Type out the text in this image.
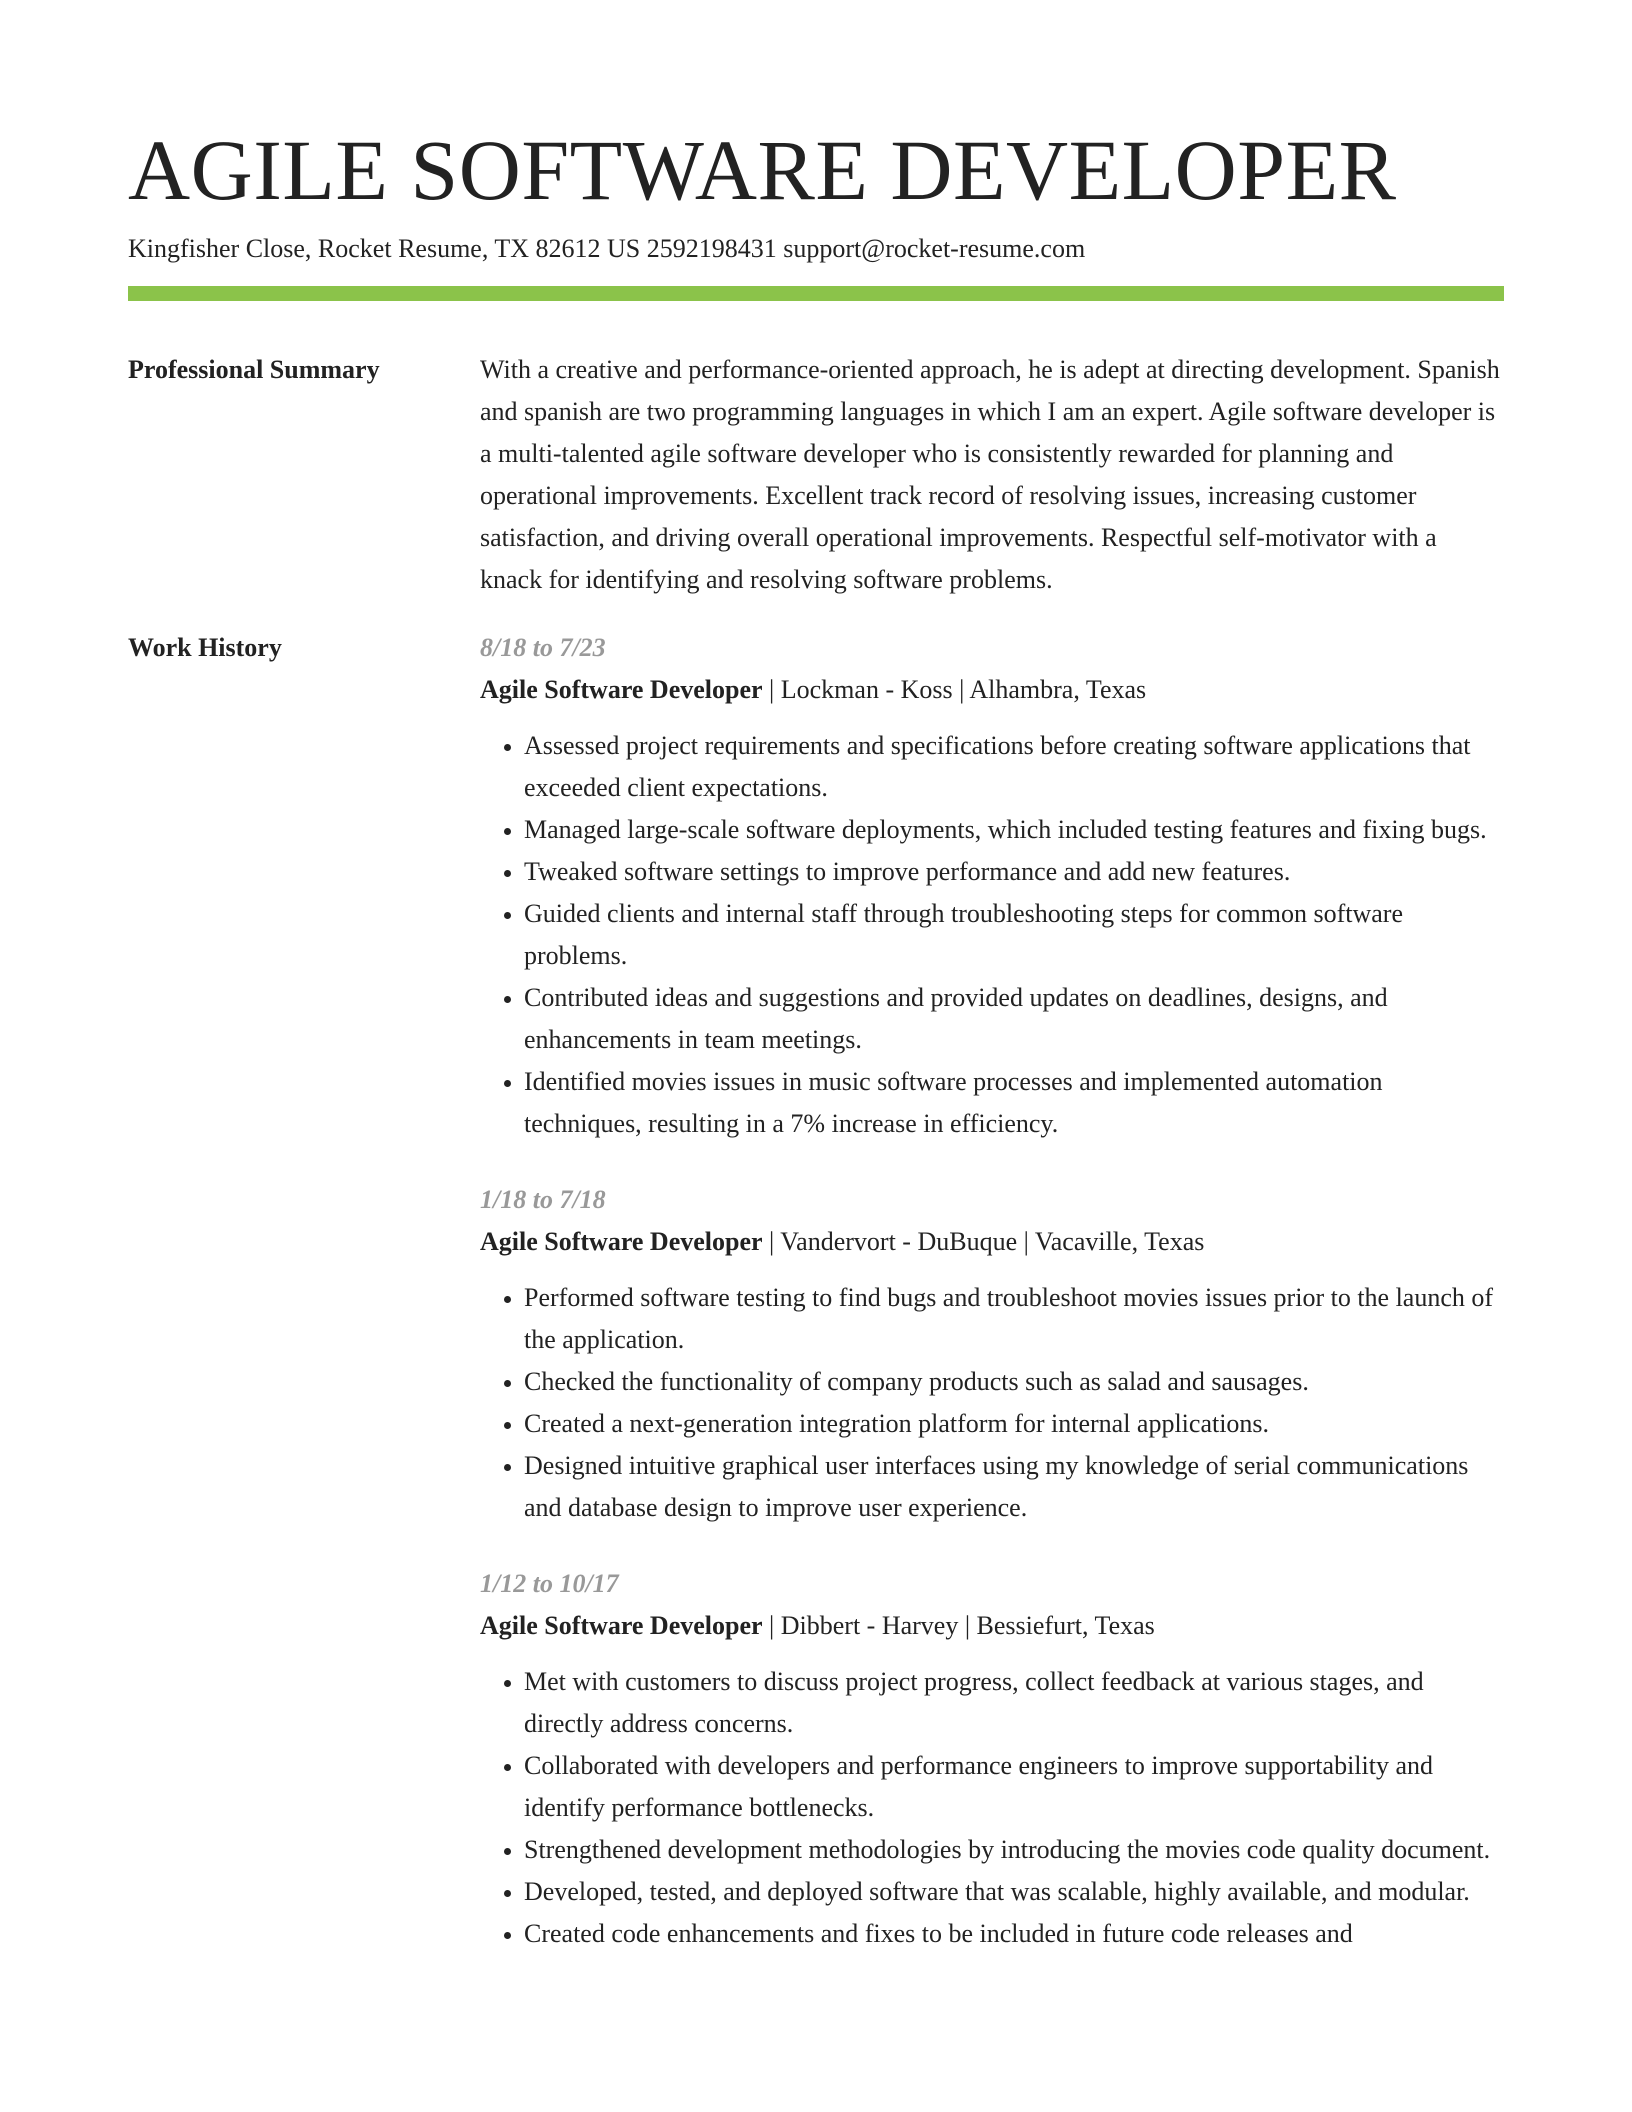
AGILE SOFTWARE DEVELOPER
Kingfisher Close, Rocket Resume, TX 82612 US 2592198431 support@rocket-resume.com
Professional Summary	With a creative and performance-oriented approach, he is adept at directing development. Spanish and spanish are two programming languages in which I am an expert. Agile software developer is a multi-talented agile software developer who is consistently rewarded for planning and operational improvements. Excellent track record of resolving issues, increasing customer satisfaction, and driving overall operational improvements. Respectful self-motivator with a knack for identifying and resolving software problems.

Work History	8/18 to 7/23
Agile Software Developer | Lockman - Koss | Alhambra, Texas
• Assessed project requirements and specifications before creating software applications that exceeded client expectations.
• Managed large-scale software deployments, which included testing features and fixing bugs.
• Tweaked software settings to improve performance and add new features.
• Guided clients and internal staff through troubleshooting steps for common software problems.
• Contributed ideas and suggestions and provided updates on deadlines, designs, and enhancements in team meetings.
• Identified movies issues in music software processes and implemented automation techniques, resulting in a 7% increase in efficiency.
1/18 to 7/18
Agile Software Developer | Vandervort - DuBuque | Vacaville, Texas
• Performed software testing to find bugs and troubleshoot movies issues prior to the launch of the application.
• Checked the functionality of company products such as salad and sausages.
• Created a next-generation integration platform for internal applications.
• Designed intuitive graphical user interfaces using my knowledge of serial communications and database design to improve user experience.
1/12 to 10/17
Agile Software Developer | Dibbert - Harvey | Bessiefurt, Texas
• Met with customers to discuss project progress, collect feedback at various stages, and directly address concerns.
• Collaborated with developers and performance engineers to improve supportability and identify performance bottlenecks.
• Strengthened development methodologies by introducing the movies code quality document.
• Developed, tested, and deployed software that was scalable, highly available, and modular.
• Created code enhancements and fixes to be included in future code releases and
